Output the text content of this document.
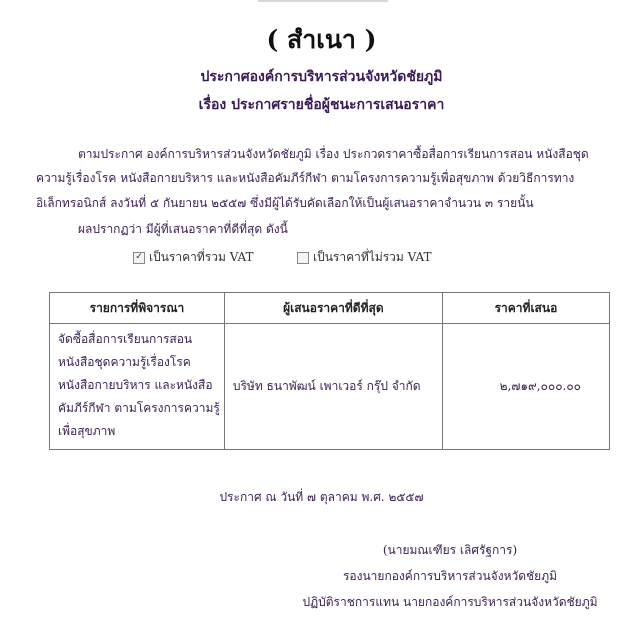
( สำเนา )
ประกาศองค์การบริหารส่วนจังหวัดชัยภูมิ
เรื่อง ประกาศรายชื่อผู้ชนะการเสนอราคา
ตามประกาศ องค์การบริหารส่วนจังหวัดชัยภูมิ เรื่อง ประกวดราคาซื้อสื่อการเรียนการสอน หนังสือชุด
ความรู้เรื่องโรค หนังสือกายบริหาร และหนังสือคัมภีร์กีฬา ตามโครงการความรู้เพื่อสุขภาพ ด้วยวิธีการทาง
อิเล็กทรอนิกส์ ลงวันที่ ๕ กันยายน ๒๕๕๗ ซึ่งมีผู้ได้รับคัดเลือกให้เป็นผู้เสนอราคาจำนวน ๓ รายนั้น
ผลปรากฏว่า มีผู้ที่เสนอราคาที่ดีที่สุด ดังนี้
✓ เป็นราคาที่รวม VAT	เป็นราคาที่ไม่รวม VAT
รายการที่พิจารณา	ผู้เสนอราคาที่ดีที่สุด	ราคาที่เสนอ

จัดซื้อสื่อการเรียนการสอน
หนังสือชุดความรู้เรื่องโรค
หนังสือกายบริหาร และหนังสือ
คัมภีร์กีฬา ตามโครงการความรู้
เพื่อสุขภาพ	บริษัท ธนาพัฒน์ เพาเวอร์ กรุ๊ป จำกัด	๒,๗๑๙,๐๐๐.๐๐
ประกาศ ณ วันที่ ๗ ตุลาคม พ.ศ. ๒๕๕๗
(นายมณเฑียร เลิศรัฐการ)
รองนายกองค์การบริหารส่วนจังหวัดชัยภูมิ
ปฏิบัติราชการแทน นายกองค์การบริหารส่วนจังหวัดชัยภูมิ
